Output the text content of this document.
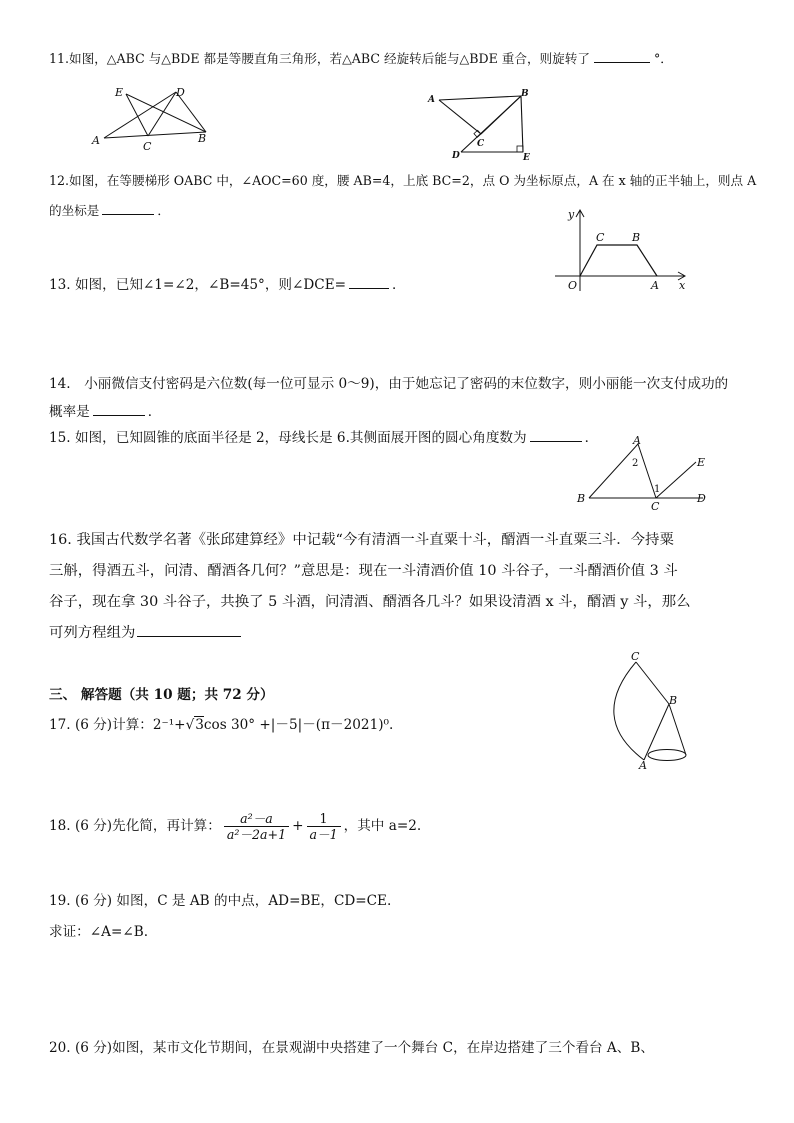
11.如图，△ABC 与△BDE 都是等腰直角三角形，若△ABC 经旋转后能与△BDE 重合，则旋转了	°．
E	D
A	C
B
A
B
C
D	E
12.如图，在等腰梯形 OABC 中，∠AOC=60 度，腰 AB=4，上底 BC=2，点 O 为坐标原点，A 在 x 轴的正半轴上，则点 A
的坐标是	．	y
C	B
O	A x
13. 如图，已知∠1=∠2，∠B=45°，则∠DCE=	．
14.　小丽微信支付密码是六位数(每一位可显示 0～9)，由于她忘记了密码的末位数字，则小丽能一次支付成功的
概率是	．
15. 如图，已知圆锥的底面半径是 2，母线长是 6.其侧面展开图的圆心角度数为	．	A
2	E
1
B
C
D
16. 我国古代数学名著《张邱建算经》中记载“今有清酒一斗直粟十斗，醑酒一斗直粟三斗．今持粟
三斛，得酒五斗，问清、醑酒各几何？”意思是：现在一斗清酒价值 10 斗谷子，一斗醑酒价值 3 斗
谷子，现在拿 30 斗谷子，共换了 5 斗酒，问清酒、醑酒各几斗？如果设清酒 x 斗，醑酒 y 斗，那么
可列方程组为
C
B
A
三、 解答题（共 10 题；共 72 分）
17. (6 分)计算：2⁻¹+√3cos 30° +|－5|－(π－2021)⁰.
18. (6 分)先化简，再计算： $\frac{\text{a²－a}}{\text{a²－2a+1}} + \frac{1}{a-1}$ ，其中 a=2.
19. (6 分) 如图，C 是 AB 的中点，AD=BE，CD=CE.
求证：∠A=∠B.
20. (6 分)如图，某市文化节期间，在景观湖中央搭建了一个舞台 C，在岸边搭建了三个看台 A、B、
